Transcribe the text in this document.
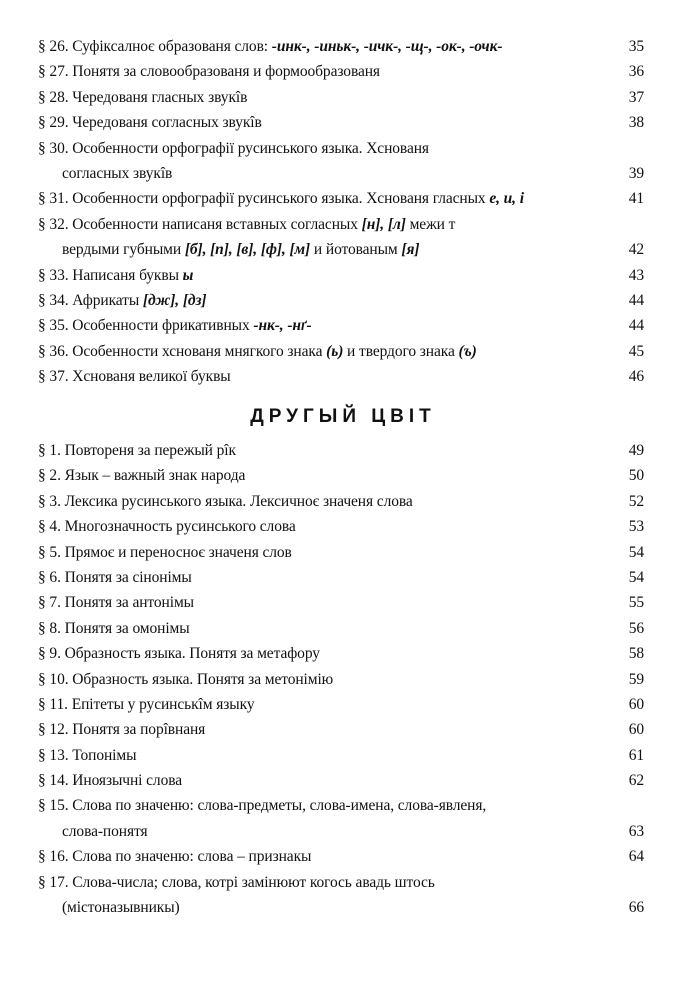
§ 26. Суфіксалноє образованя слов: -инк-, -иньк-, -ичк-, -щ-, -ок-, -очк-	35
§ 27. Понятя за словообразованя и формообразованя	36
§ 28. Чередованя гласных звукîв	37
§ 29. Чередованя согласных звукîв	38
§ 30. Особенности орфографії русинського языка. Хснованя
согласных звукîв	39
§ 31. Особенности орфографії русинського языка. Хснованя гласных е, и, і	41
§ 32. Особенности написаня вставных согласных [н], [л] межи т
вердыми губными [б], [п], [в], [ф], [м] и йотованым [я]	42
§ 33. Написаня буквы ы	43
§ 34. Африкаты [дж], [дз]	44
§ 35. Особенности фрикативных -нк-, -нґ-	44
§ 36. Особенности хснованя мнягкого знака (ь) и твердого знака (ъ)	45
§ 37. Хснованя великої буквы	46
ДРУГЫЙ ЦВІТ
§ 1. Повтореня за пережый рîк	49
§ 2. Язык – важный знак народа	50
§ 3. Лексика русинського языка. Лексичноє значеня слова	52
§ 4. Многозначность русинського слова	53
§ 5. Прямоє и переносноє значеня слов	54
§ 6. Понятя за сінонімы	54
§ 7. Понятя за антонімы	55
§ 8. Понятя за омонімы	56
§ 9. Образность языка. Понятя за метафору	58
§ 10. Образность языка. Понятя за метонімію	59
§ 11. Епітеты у русинськîм языку	60
§ 12. Понятя за порîвнаня	60
§ 13. Топонімы	61
§ 14. Иноязычні слова	62
§ 15. Слова по значеню: слова-предметы, слова-имена, слова-явленя,
слова-понятя	63
§ 16. Слова по значеню: слова – признакы	64
§ 17. Слова-числа; слова, котрі замінюют когось авадь штось
(містоназывникы)	66
